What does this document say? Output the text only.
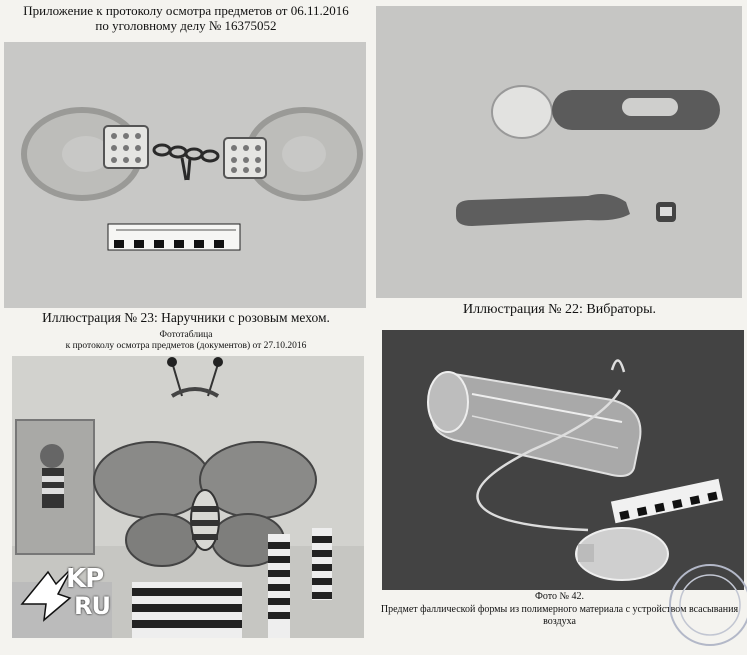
Приложение к протоколу осмотра предметов от 06.11.2016
по уголовному делу № 16375052
Иллюстрация № 23: Наручники с розовым мехом.
Иллюстрация № 22: Вибраторы.
Фототаблица
к протоколу осмотра предметов (документов) от 27.10.2016
Фото № 42.
Предмет фаллической формы из полимерного материала с устройством всасывания воздуха
KP
RU
